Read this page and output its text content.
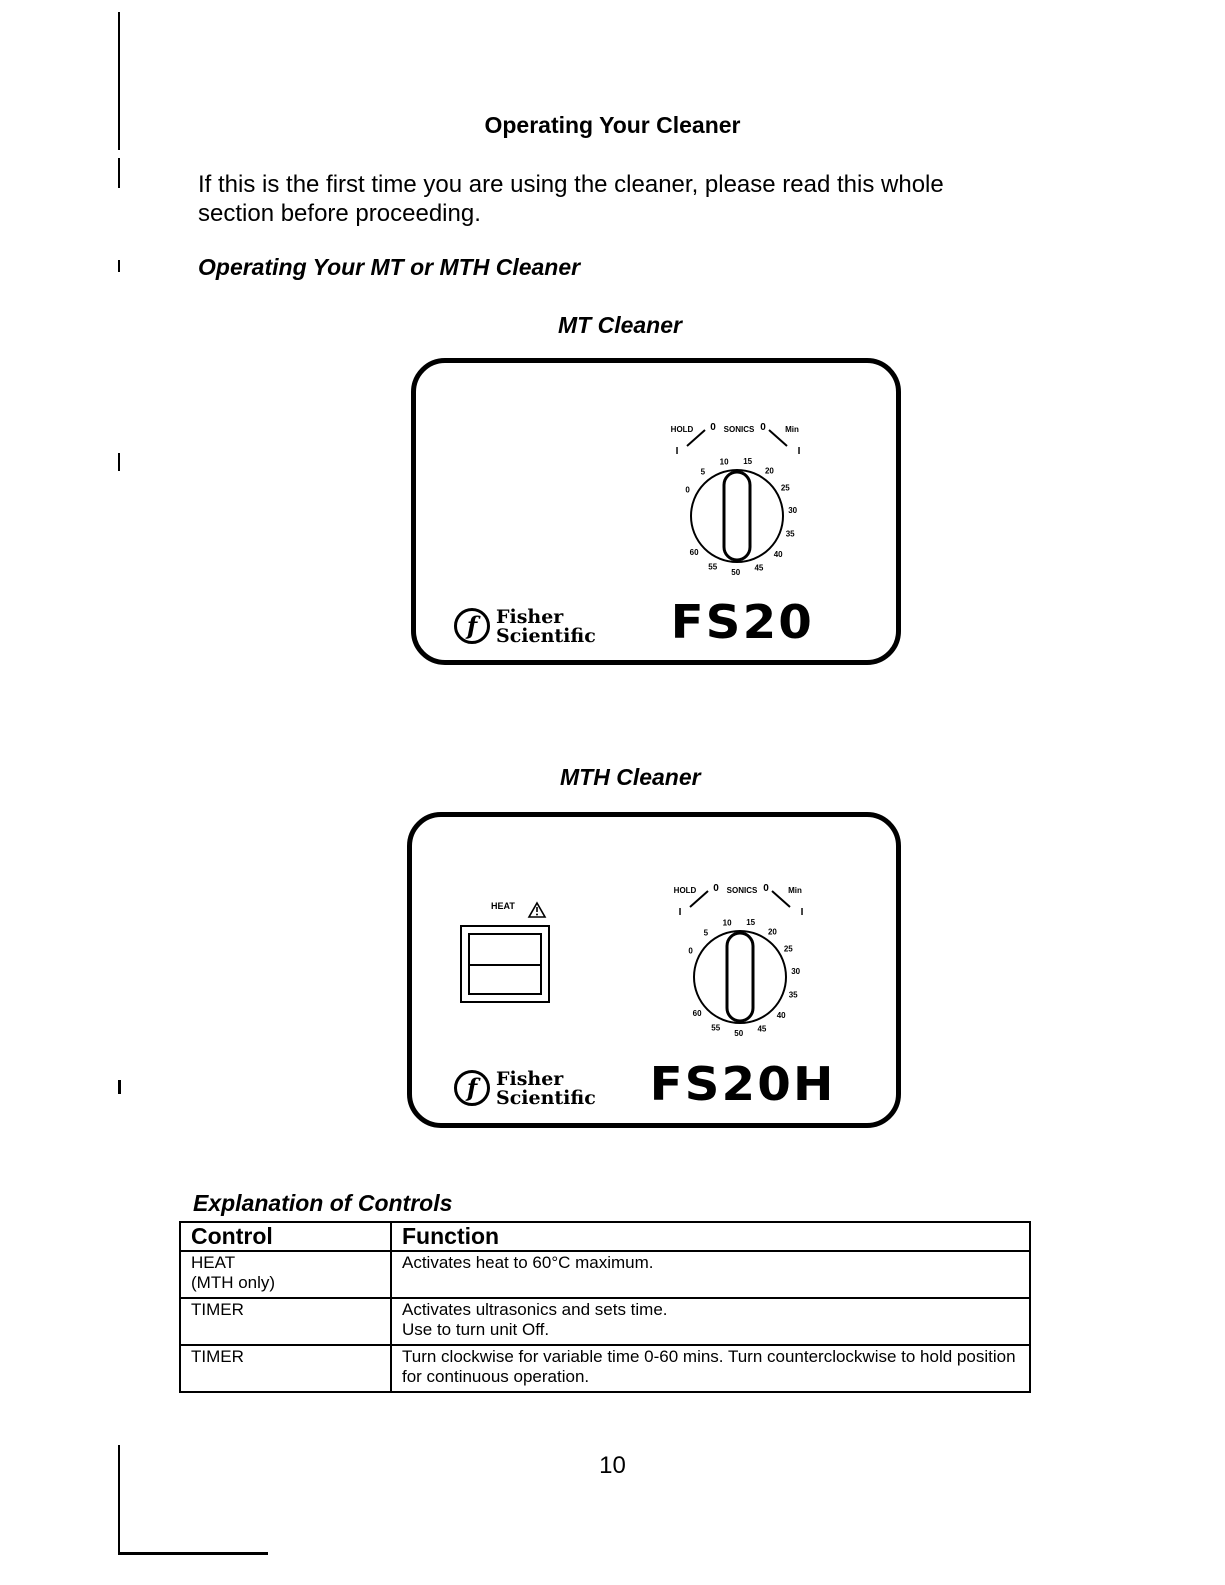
Operating Your Cleaner
If this is the first time you are using the cleaner, please read this whole section before proceeding.
Operating Your MT or MTH Cleaner
MT Cleaner
0
5
10 15
20
25
30
35
40
45
50
55
60
HOLD 0 SONICS 0 Min
I	I
f Fisher
Scientific FS20
MTH Cleaner
0
5
10 15
20
25
30
35
40
45
50
55
60
HOLD 0 SONICS 0 Min
I	I
HEAT
f Fisher
Scientific FS20H
Explanation of Controls
Control	Function

HEAT
(MTH only)	Activates heat to 60°C maximum.

TIMER	Activates ultrasonics and sets time.
Use to turn unit Off.

TIMER	Turn clockwise for variable time 0-60 mins. Turn counterclockwise to hold position for continuous operation.
10
